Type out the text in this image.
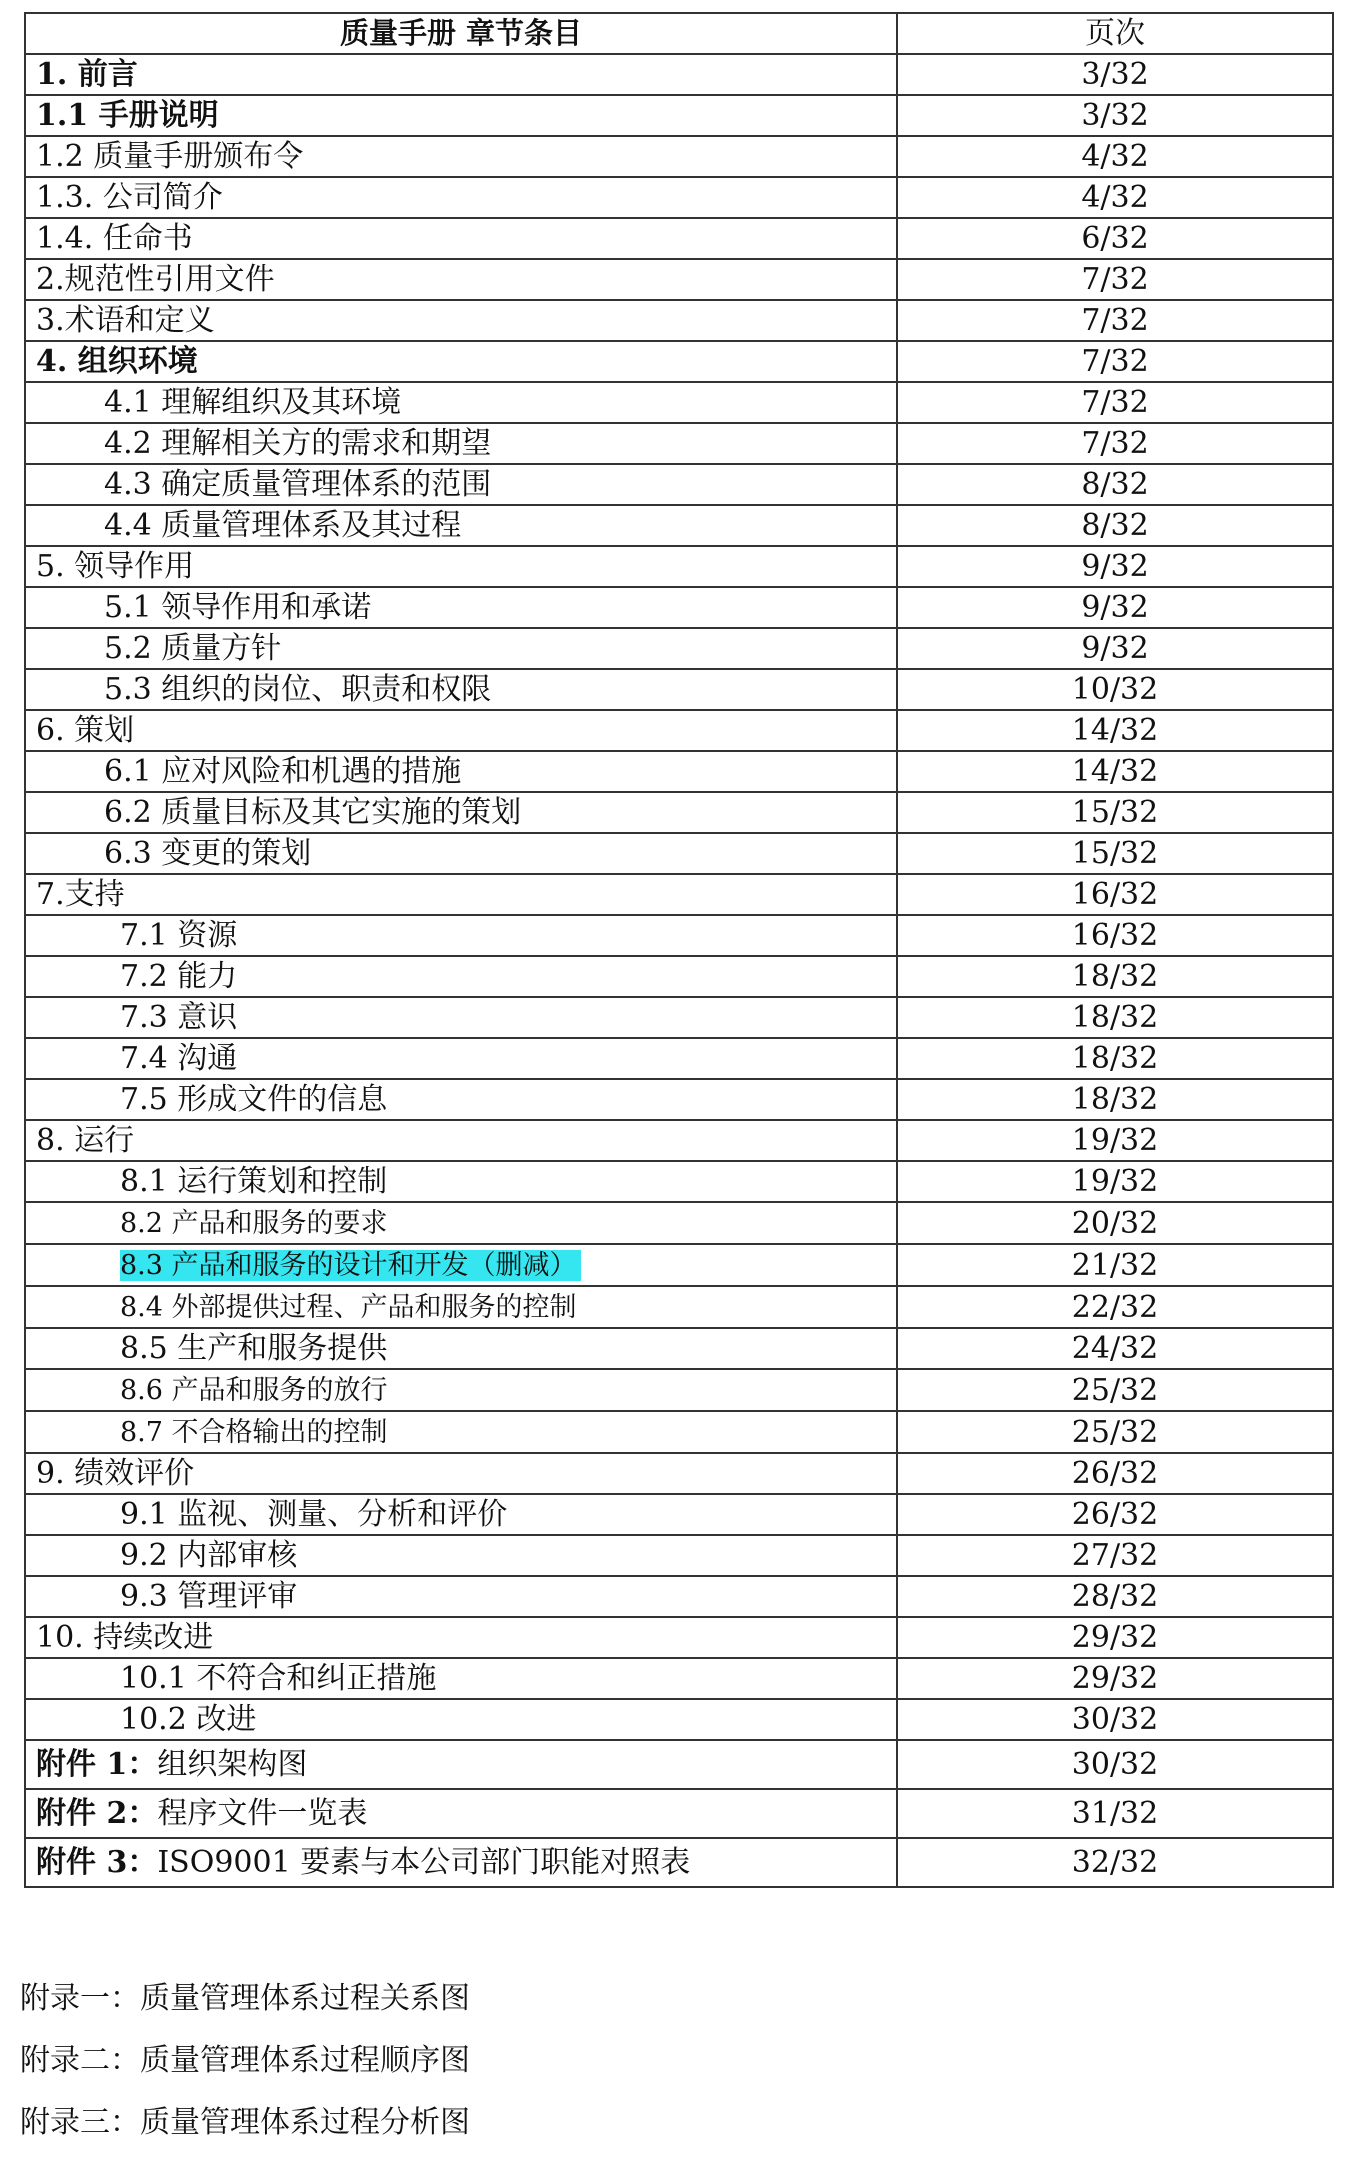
质量手册 章节条目	页次
1. 前言	3/32
1.1 手册说明	3/32
1.2 质量手册颁布令	4/32
1.3. 公司简介	4/32
1.4. 任命书	6/32
2.规范性引用文件	7/32
3.术语和定义	7/32
4. 组织环境	7/32
4.1 理解组织及其环境	7/32
4.2 理解相关方的需求和期望	7/32
4.3 确定质量管理体系的范围	8/32
4.4 质量管理体系及其过程	8/32
5. 领导作用	9/32
5.1 领导作用和承诺	9/32
5.2 质量方针	9/32
5.3 组织的岗位、职责和权限	10/32
6. 策划	14/32
6.1 应对风险和机遇的措施	14/32
6.2 质量目标及其它实施的策划	15/32
6.3 变更的策划	15/32
7.支持	16/32
7.1 资源	16/32
7.2 能力	18/32
7.3 意识	18/32
7.4 沟通	18/32
7.5 形成文件的信息	18/32
8. 运行	19/32
8.1 运行策划和控制	19/32
8.2 产品和服务的要求	20/32
8.3 产品和服务的设计和开发（删减）	21/32
8.4 外部提供过程、产品和服务的控制	22/32
8.5 生产和服务提供	24/32
8.6 产品和服务的放行	25/32
8.7 不合格输出的控制	25/32
9. 绩效评价	26/32
9.1 监视、测量、分析和评价	26/32
9.2 内部审核	27/32
9.3 管理评审	28/32
10. 持续改进	29/32
10.1 不符合和纠正措施	29/32
10.2 改进	30/32
附件 1：组织架构图	30/32
附件 2：程序文件一览表	31/32
附件 3：ISO9001 要素与本公司部门职能对照表	32/32
附录一：质量管理体系过程关系图
附录二：质量管理体系过程顺序图
附录三：质量管理体系过程分析图
